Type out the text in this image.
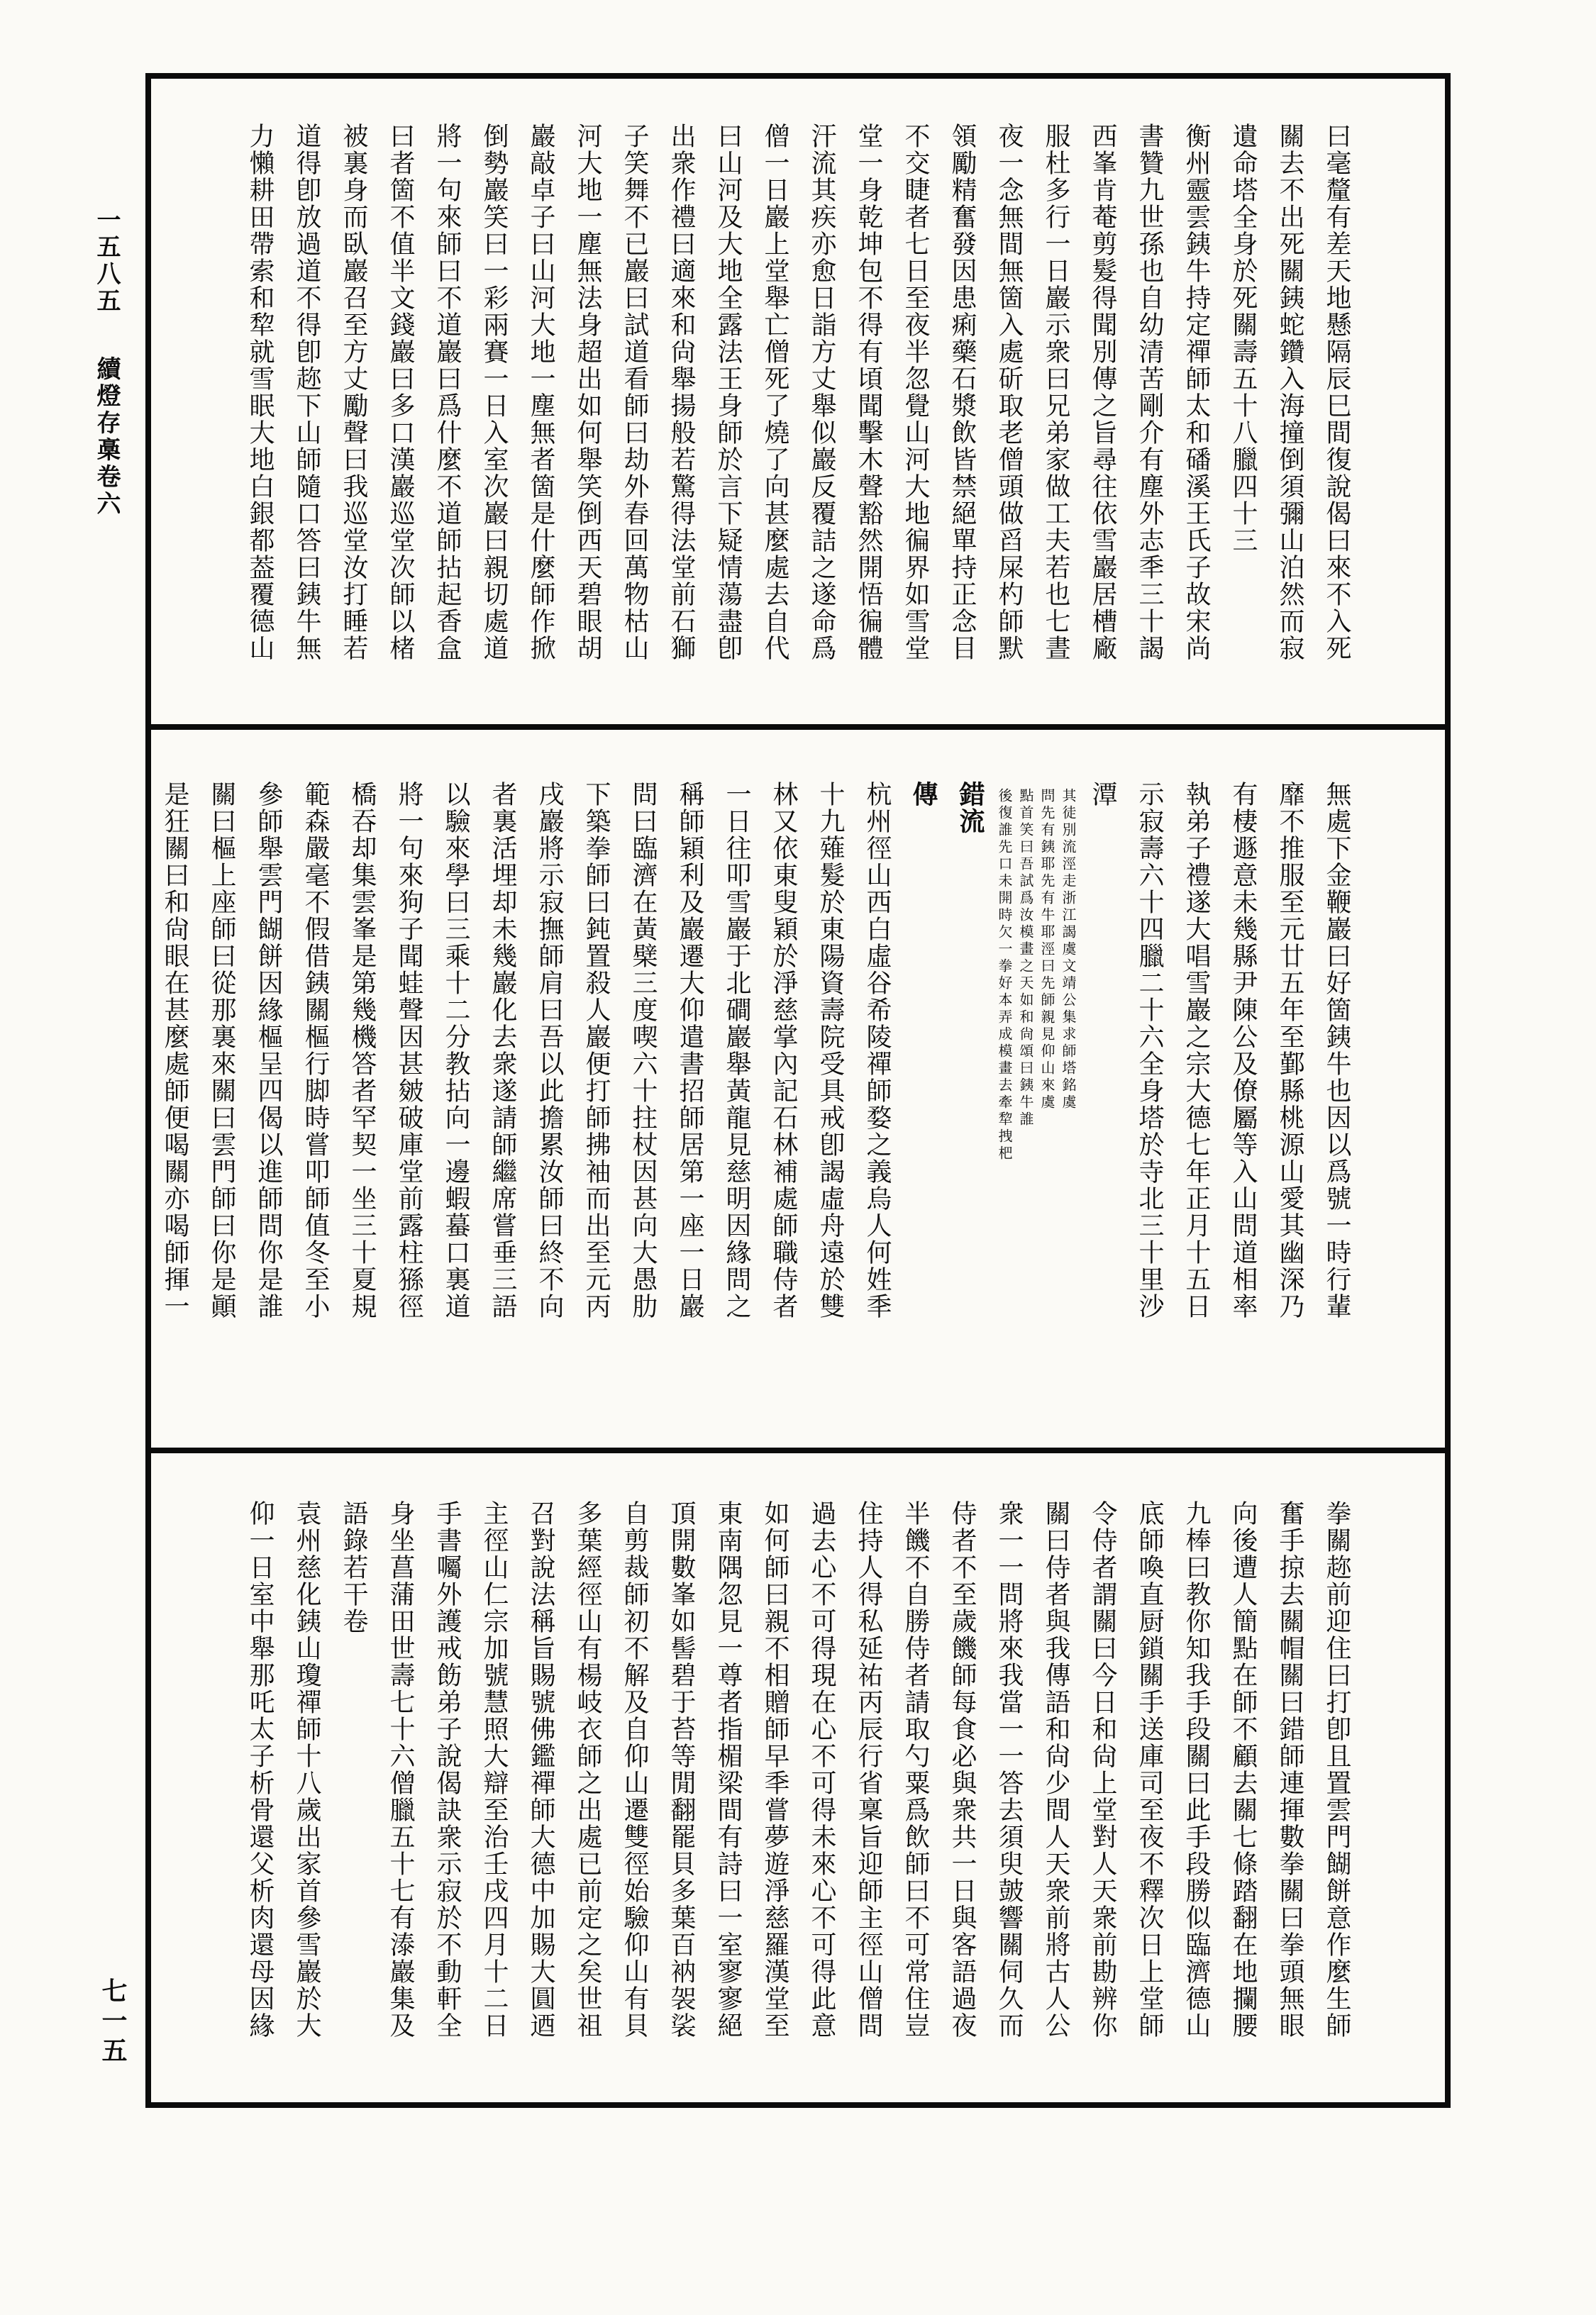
一五八五續燈存槀卷六
七一五
曰毫釐有差天地懸隔辰巳間復說偈曰來不入死
關去不出死關銕蛇鑽入海撞倒須彌山泊然而寂
遺命塔全身於死關壽五十八臘四十三
衡州靈雲銕牛持定禪師太和磻溪王氏子故宋尚
書贊九世孫也自幼清苦剛介有塵外志秊三十謁
西峯肯菴剪髮得聞別傳之旨尋往依雪巖居槽廠
服杜多行一日巖示衆曰兄弟家做工夫若也七晝
夜一念無間無箇入處斫取老僧頭做舀屎杓師默
領勵精奮發因患痢藥石漿飲皆禁絕單持正念目
不交睫者七日至夜半忽覺山河大地徧界如雪堂
堂一身乾坤包不得有頃聞擊木聲豁然開悟徧體
汗流其疾亦愈日詣方丈舉似巖反覆詰之遂命爲
僧一日巖上堂舉亡僧死了燒了向甚麼處去自代
曰山河及大地全露法王身師於言下疑情蕩盡卽
出衆作禮曰適來和尙舉揚般若驚得法堂前石獅
子笑舞不已巖曰試道看師曰劫外春回萬物枯山
河大地一塵無法身超出如何舉笑倒西天碧眼胡
巖敲卓子曰山河大地一塵無者箇是什麼師作掀
倒勢巖笑曰一彩兩賽一日入室次巖曰親切處道
將一句來師曰不道巖曰爲什麼不道師拈起香盒
曰者箇不值半文錢巖曰多口漢巖巡堂次師以楮
被裏身而臥巖召至方丈勵聲曰我巡堂汝打睡若
道得卽放過道不得卽趂下山師隨口答曰銕牛無
力懶耕田帶索和犂就雪眠大地白銀都葢覆德山
無處下金鞭巖曰好箇銕牛也因以爲號一時行輩
靡不推服至元廿五年至鄞縣桃源山愛其幽深乃
有棲遯意未幾縣尹陳公及僚屬等入山問道相率
執弟子禮遂大唱雪巖之宗大德七年正月十五日
示寂壽六十四臘二十六全身塔於寺北三十里沙
潭
其徒別流涇走浙江謁虞文靖公集求師塔銘虞
問先有銕耶先有牛耶涇曰先師親見仰山來虞
點首笑曰吾試爲汝模畫之天如和尙頌曰銕牛誰
後復誰先口未開時欠一拳好本弄成模畫去牽犂拽杷
錯流
傳
杭州徑山西白虛谷希陵禪師婺之義烏人何姓秊
十九薙髮於東陽資壽院受具戒卽謁虛舟遠於雙
林又依東叟穎於淨慈掌內記石林補處師職侍者
一日往叩雪巖于北磵巖舉黃龍見慈明因緣問之
稱師穎利及巖遷大仰遣書招師居第一座一日巖
問曰臨濟在黃檗三度喫六十拄杖因甚向大愚肋
下築拳師曰鈍置殺人巖便打師拂袖而出至元丙
戌巖將示寂撫師肩曰吾以此擔累汝師曰終不向
者裏活埋却未幾巖化去衆遂請師繼席嘗垂三語
以驗來學曰三乘十二分教拈向一邊蝦蟇口裏道
將一句來狗子聞蛙聲因甚皴破庫堂前露柱猻徑
橋吞却集雲峯是第幾機答者罕契一坐三十夏規
範森嚴毫不假借銕關樞行脚時嘗叩師值冬至小
參師舉雲門餬餅因緣樞呈四偈以進師問你是誰
關曰樞上座師曰從那裏來關曰雲門師曰你是顚
是狂關曰和尙眼在甚麼處師便喝關亦喝師揮一
拳關趂前迎住曰打卽且置雲門餬餅意作麼生師
奮手掠去關帽關曰錯師連揮數拳關曰拳頭無眼
向後遭人簡點在師不顧去關七條踏翻在地攔腰
九棒曰教你知我手段關曰此手段勝似臨濟德山
底師喚直厨鎖關手送庫司至夜不釋次日上堂師
令侍者謂關曰今日和尙上堂對人天衆前勘辨你
關曰侍者與我傳語和尙少間人天衆前將古人公
衆一一問將來我當一一答去須臾皷響關伺久而
侍者不至歲饑師每食必與衆共一日與客語過夜
半饑不自勝侍者請取勺粟爲飲師曰不可常住豈
住持人得私延祐丙辰行省稟旨迎師主徑山僧問
過去心不可得現在心不可得未來心不可得此意
如何師曰親不相贈師早秊嘗夢遊淨慈羅漢堂至
東南隅忽見一尊者指楣梁間有詩曰一室寥寥絕
頂開數峯如髻碧于苔等閒翻罷貝多葉百衲袈裟
自剪裁師初不解及自仰山遷雙徑始驗仰山有貝
多葉經徑山有楊岐衣師之出處已前定之矣世祖
召對說法稱旨賜號佛鑑禪師大德中加賜大圓迺
主徑山仁宗加號慧照大辯至治壬戌四月十二日
手書囑外護戒飭弟子說偈訣衆示寂於不動軒全
身坐菖蒲田世壽七十六僧臘五十七有溙巖集及
語錄若干卷
袁州慈化銕山瓊禪師十八歲出家首參雪巖於大
仰一日室中舉那吒太子析骨還父析肉還母因緣
